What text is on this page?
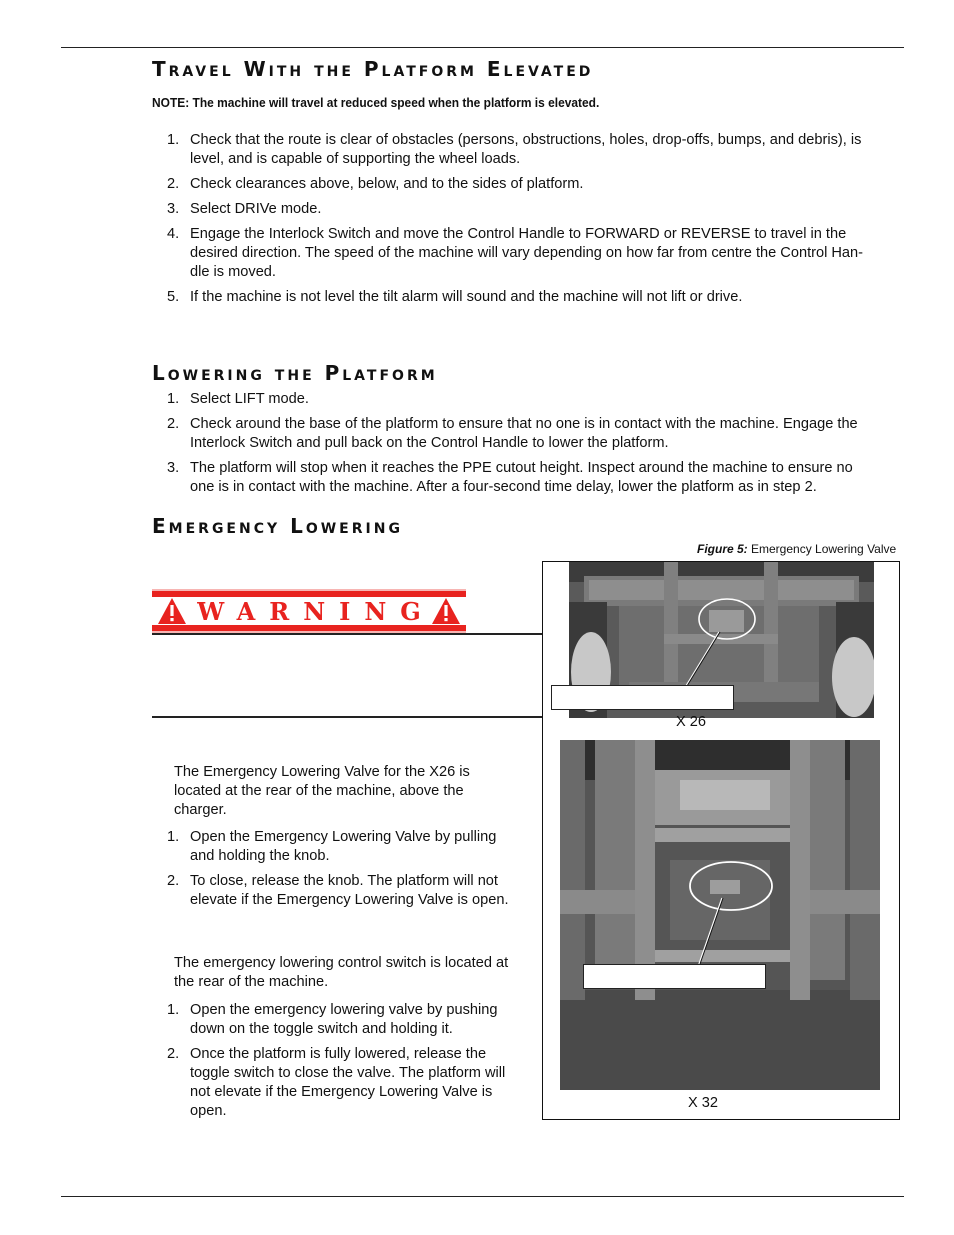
Travel With the Platform Elevated

NOTE: The machine will travel at reduced speed when the platform is elevated.

1. Check that the route is clear of obstacles (persons, obstructions, holes, drop-offs, bumps, and debris), is
level, and is capable of supporting the wheel loads.
2. Check clearances above, below, and to the sides of platform.
3. Select DRIVe mode.
4. Engage the Interlock Switch and move the Control Handle to FORWARD or REVERSE to travel in the
desired direction. The speed of the machine will vary depending on how far from centre the Control Han-
dle is moved.
5. If the machine is not level the tilt alarm will sound and the machine will not lift or drive.
Lowering the Platform
1. Select LIFT mode.
2. Check around the base of the platform to ensure that no one is in contact with the machine. Engage the
Interlock Switch and pull back on the Control Handle to lower the platform.
3. The platform will stop when it reaches the PPE cutout height. Inspect around the machine to ensure no
one is in contact with the machine. After a four-second time delay, lower the platform as in step 2.
Emergency Lowering
WARNING
The Emergency Lowering Valve for the X26 is
located at the rear of the machine, above the
charger.
1. Open the Emergency Lowering Valve by pulling
and holding the knob.
2. To close, release the knob. The platform will not
elevate if the Emergency Lowering Valve is open.
The emergency lowering control switch is located at
the rear of the machine.
1. Open the emergency lowering valve by pushing
down on the toggle switch and holding it.
2. Once the platform is fully lowered, release the
toggle switch to close the valve. The platform will
not elevate if the Emergency Lowering Valve is
open.

Figure 5: Emergency Lowering Valve

X 26

X 32
